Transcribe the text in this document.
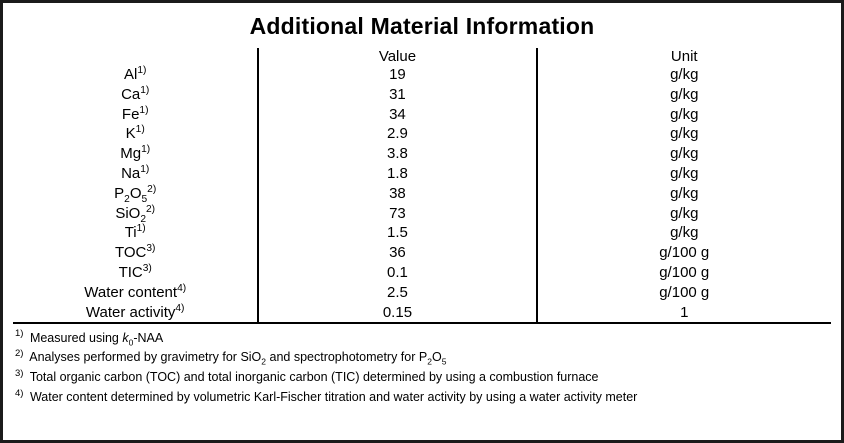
Additional Material Information
	Value	Unit
Al$^{1)}$	19	g/kg
Ca$^{1)}$	31	g/kg
Fe$^{1)}$	34	g/kg
$K^{1)}$	2.9	g/kg
Mg$^{1)}$	3.8	g/kg
Na$^{1)}$	1.8	g/kg
$P_2O_5^{2)}$	38	g/kg
SiO$_2^{2)}$	73	g/kg
Ti$^{1)}$	1.5	g/kg
TOC$^{3)}$	36	g/100 g
TIC$^{3)}$	0.1	g/100 g
Water content$^{4)}$	2.5	g/100 g
Water activity$^{4)}$	0.15	1
$^{1)}$ Measured using $k_0$-NAA
$^{2)}$ Analyses performed by gravimetry for SiO$_2$ and spectrophotometry for $P_2O_5$
$^{3)}$ Total organic carbon (TOC) and total inorganic carbon (TIC) determined by using a combustion furnace
$^{4)}$ Water content determined by volumetric Karl-Fischer titration and water activity by using a water activity meter
